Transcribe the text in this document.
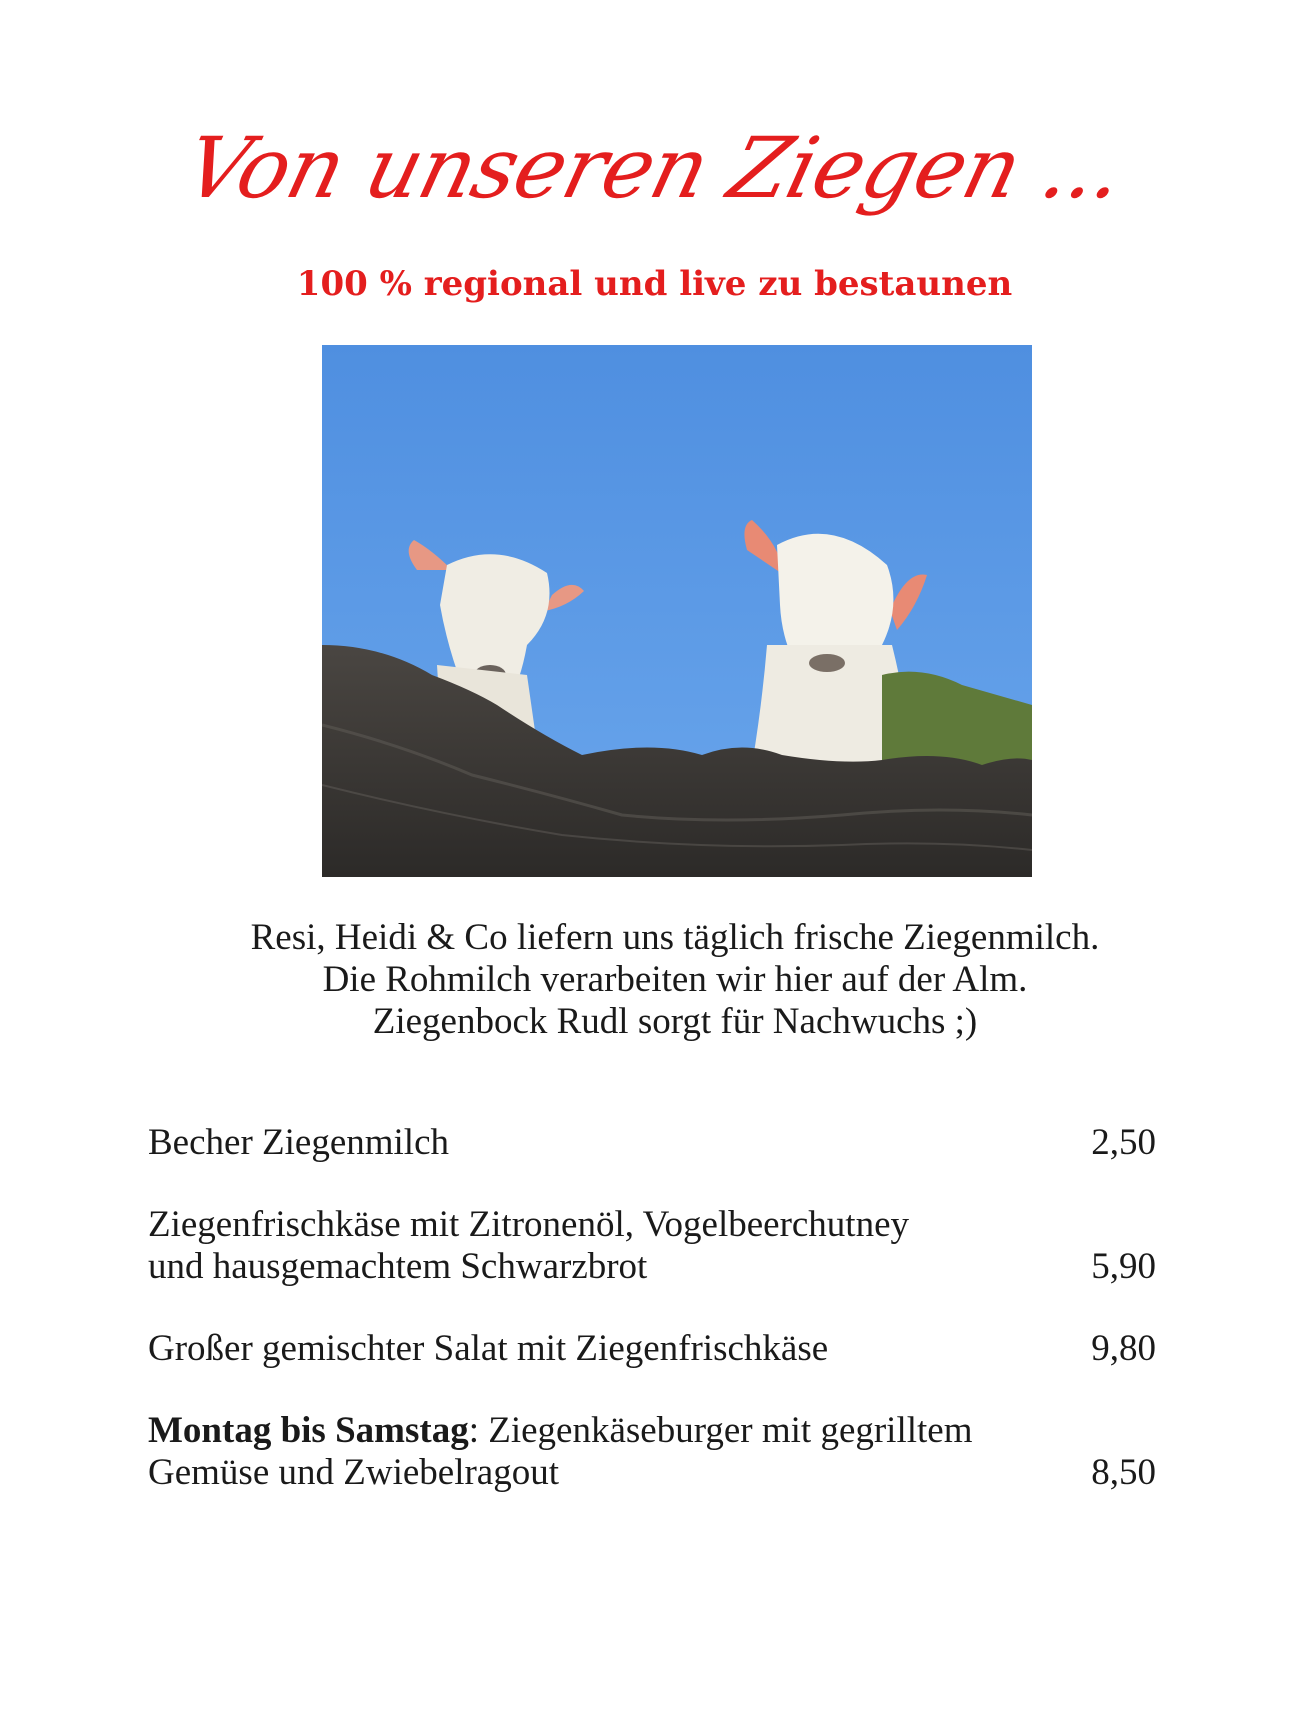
Von unseren Ziegen ...
100 % regional und live zu bestaunen
Resi, Heidi & Co liefern uns täglich frische Ziegenmilch.
Die Rohmilch verarbeiten wir hier auf der Alm.
Ziegenbock Rudl sorgt für Nachwuchs ;)
Becher Ziegenmilch	2,50
Ziegenfrischkäse mit Zitronenöl, Vogelbeerchutney
und hausgemachtem Schwarzbrot	5,90
Großer gemischter Salat mit Ziegenfrischkäse	9,80
Montag bis Samstag: Ziegenkäseburger mit gegrilltem
Gemüse und Zwiebelragout	8,50
